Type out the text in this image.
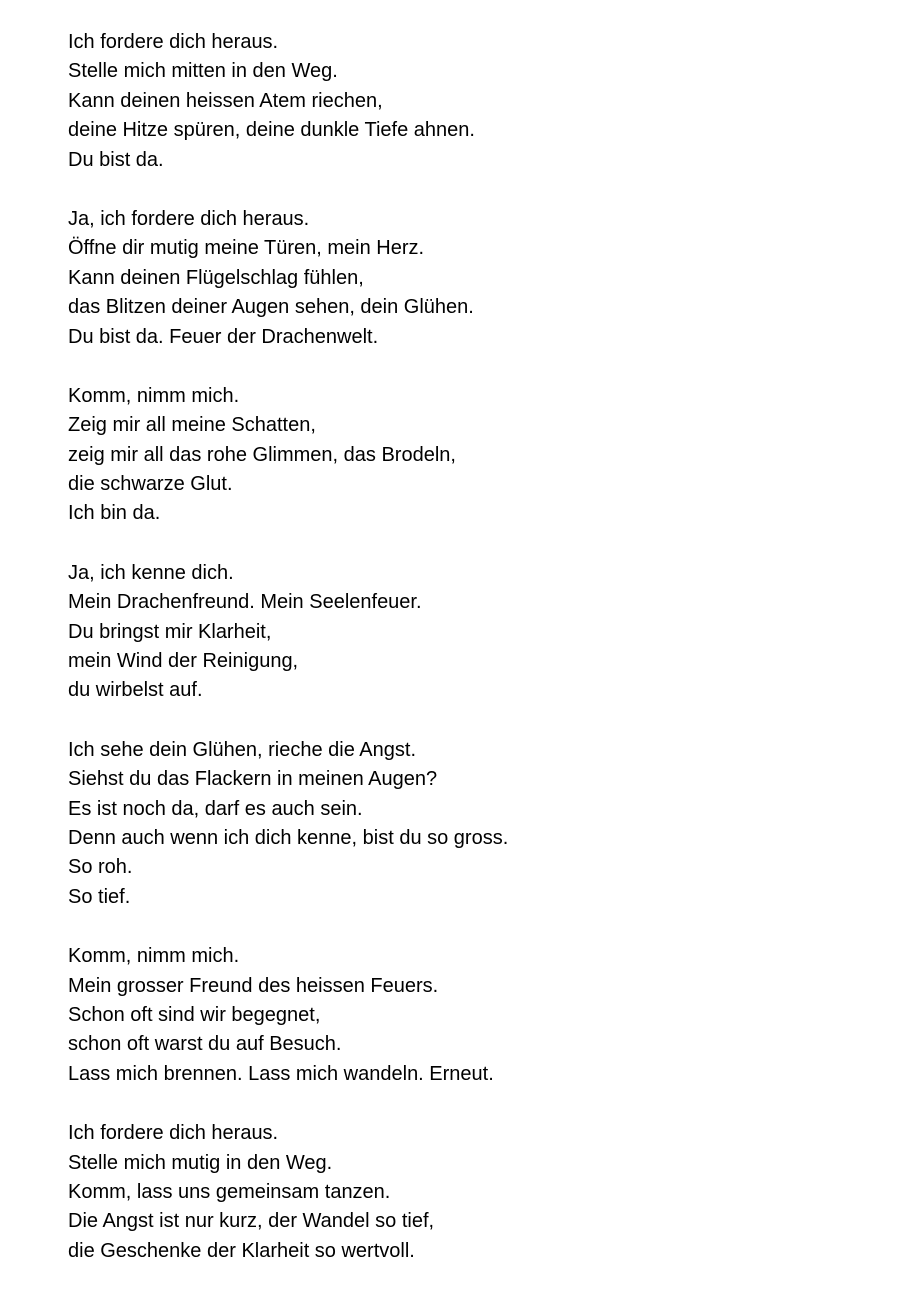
Ich fordere dich heraus.
Stelle mich mitten in den Weg.
Kann deinen heissen Atem riechen,
deine Hitze spüren, deine dunkle Tiefe ahnen.
Du bist da.
Ja, ich fordere dich heraus.
Öffne dir mutig meine Türen, mein Herz.
Kann deinen Flügelschlag fühlen,
das Blitzen deiner Augen sehen, dein Glühen.
Du bist da. Feuer der Drachenwelt.
Komm, nimm mich.
Zeig mir all meine Schatten,
zeig mir all das rohe Glimmen, das Brodeln,
die schwarze Glut.
Ich bin da.
Ja, ich kenne dich.
Mein Drachenfreund. Mein Seelenfeuer.
Du bringst mir Klarheit,
mein Wind der Reinigung,
du wirbelst auf.
Ich sehe dein Glühen, rieche die Angst.
Siehst du das Flackern in meinen Augen?
Es ist noch da, darf es auch sein.
Denn auch wenn ich dich kenne, bist du so gross.
So roh.
So tief.
Komm, nimm mich.
Mein grosser Freund des heissen Feuers.
Schon oft sind wir begegnet,
schon oft warst du auf Besuch.
Lass mich brennen. Lass mich wandeln. Erneut.
Ich fordere dich heraus.
Stelle mich mutig in den Weg.
Komm, lass uns gemeinsam tanzen.
Die Angst ist nur kurz, der Wandel so tief,
die Geschenke der Klarheit so wertvoll.
